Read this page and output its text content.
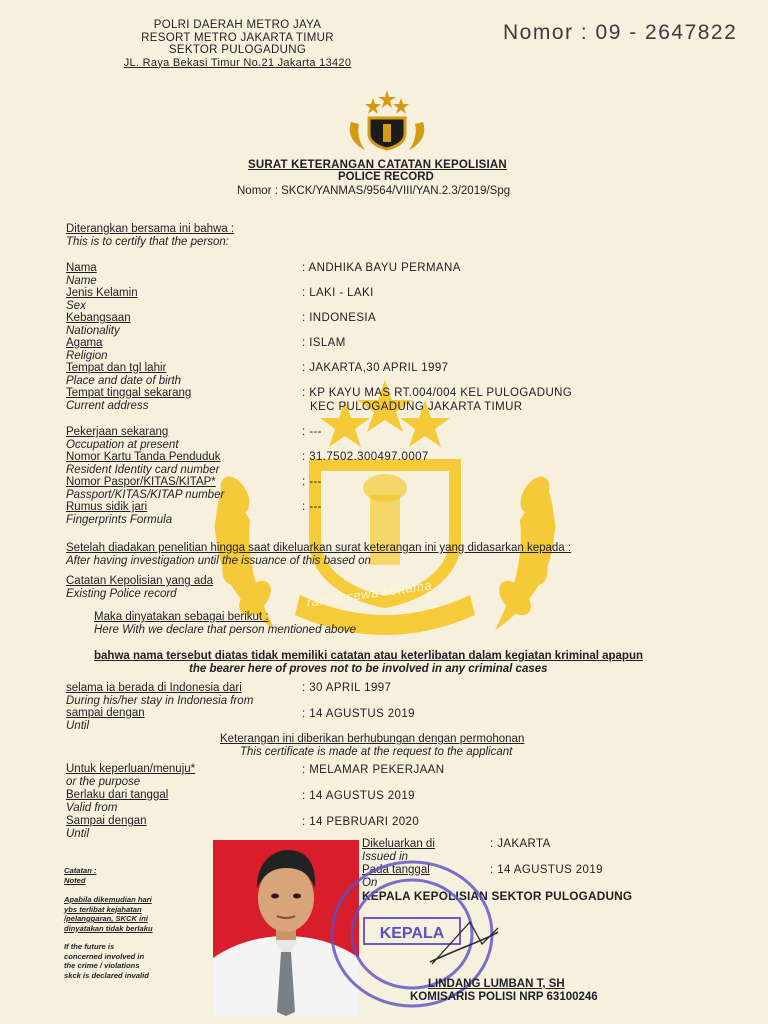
rastra sewa kottama
POLRI DAERAH METRO JAYA
RESORT METRO JAKARTA TIMUR
SEKTOR PULOGADUNG
JL. Raya Bekasi Timur No.21 Jakarta 13420
Nomor : 09 - 2647822
SURAT KETERANGAN CATATAN KEPOLISIAN
POLICE RECORD
Nomor : SKCK/YANMAS/9564/VIII/YAN.2.3/2019/Spg
Diterangkan bersama ini bahwa :
This is to certify that the person:
Nama
Name
: ANDHIKA BAYU PERMANA
Jenis Kelamin
Sex
: LAKI - LAKI
Kebangsaan
Nationality
: INDONESIA
Agama
Religion
: ISLAM
Tempat dan tgl lahir
Place and date of birth
: JAKARTA,30 APRIL 1997
Tempat tinggal sekarang
Current address
: KP KAYU MAS RT.004/004 KEL PULOGADUNG
KEC PULOGADUNG JAKARTA TIMUR
Pekerjaan sekarang
Occupation at present
: ---
Nomor Kartu Tanda Penduduk
Resident Identity card number
: 31.7502.300497.0007
Nomor Paspor/KITAS/KITAP*
Passport/KITAS/KITAP number
: ---
Rumus sidik jari
Fingerprints Formula
: ---
Setelah diadakan penelitian hingga saat dikeluarkan surat keterangan ini yang didasarkan kepada :
After having investigation until the issuance of this based on
Catatan Kepolisian yang ada
Existing Police record
Maka dinyatakan sebagai berikut :
Here With we declare that person mentioned above
bahwa nama tersebut diatas tidak memiliki catatan atau keterlibatan dalam kegiatan kriminal apapun
the bearer here of proves not to be involved in any criminal cases
selama ia berada di Indonesia dari
During his/her stay in Indonesia from
: 30 APRIL 1997
sampai dengan
Until
: 14 AGUSTUS 2019
Keterangan ini diberikan berhubungan dengan permohonan
This certificate is made at the request to the applicant
Untuk keperluan/menuju*
or the purpose
: MELAMAR PEKERJAAN
Berlaku dari tanggal
Valid from
: 14 AGUSTUS 2019
Sampai dengan
Until
: 14 PEBRUARI 2020
Dikeluarkan di
Issued in
: JAKARTA
Pada tanggal
On
: 14 AGUSTUS 2019
KEPALA KEPOLISIAN SEKTOR PULOGADUNG
KEPALA
LINDANG LUMBAN T, SH
KOMISARIS POLISI NRP 63100246
Catatan :
Noted
Apabila dikemudian hari
ybs terlibat kejahatan
/pelanggaran, SKCK ini
dinyatakan tidak berlaku
If the future is
concerned involved in
the crime / violations
skck is declared invalid
